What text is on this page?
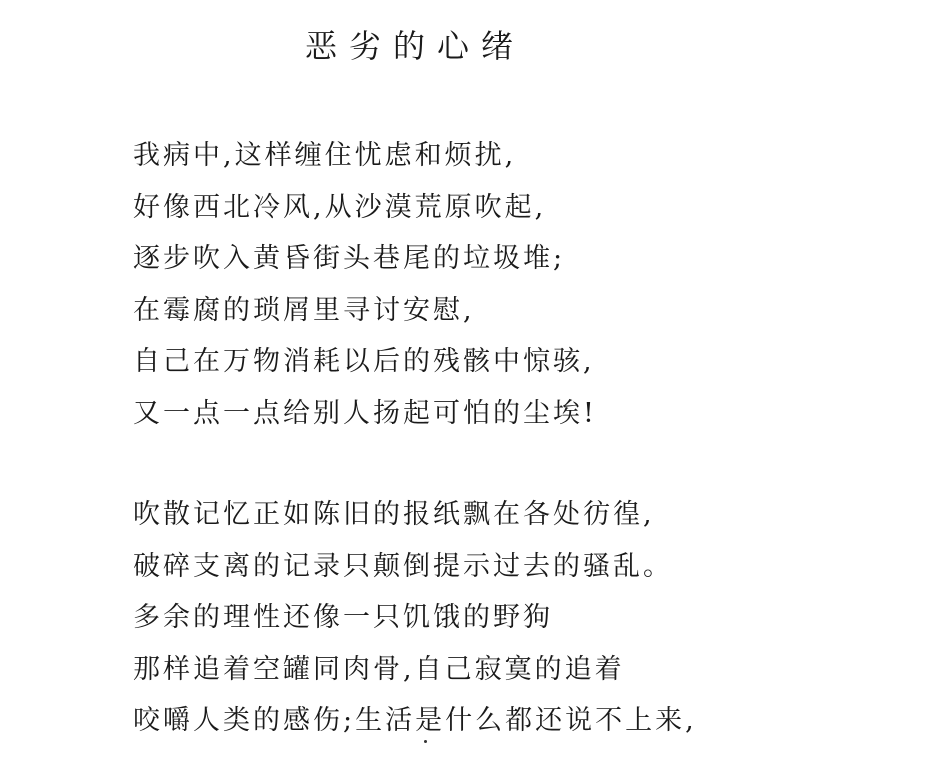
恶劣的心绪
我病中,这样缠住忧虑和烦扰,
好像西北冷风,从沙漠荒原吹起,
逐步吹入黄昏街头巷尾的垃圾堆;
在霉腐的琐屑里寻讨安慰,
自己在万物消耗以后的残骸中惊骇,
又一点一点给别人扬起可怕的尘埃!
吹散记忆正如陈旧的报纸飘在各处彷徨,
破碎支离的记录只颠倒提示过去的骚乱。
多余的理性还像一只饥饿的野狗
那样追着空罐同肉骨,自己寂寞的追着
咬嚼人类的感伤;生活是什么都还说不上来,
